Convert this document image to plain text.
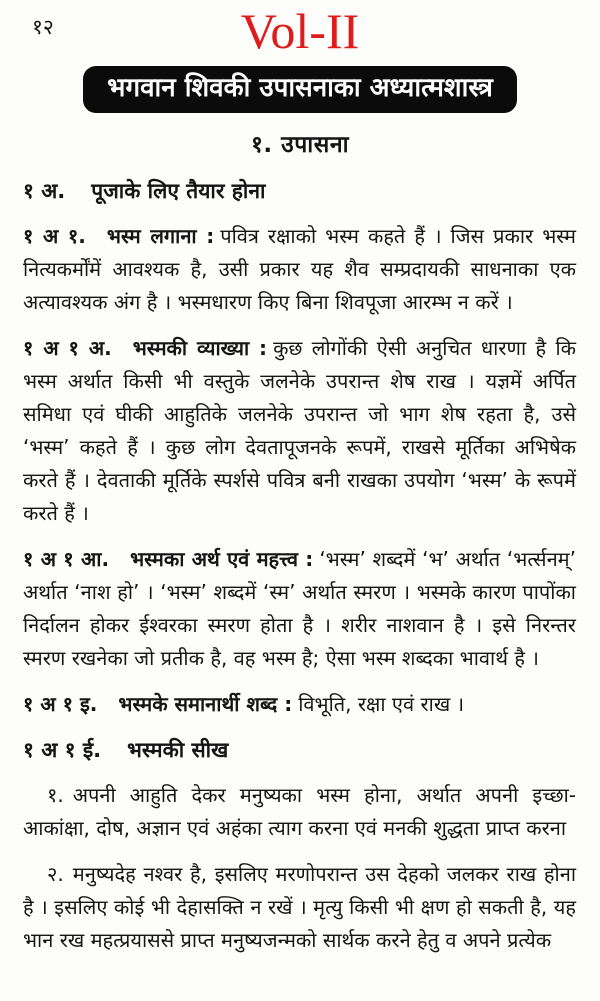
१२	Vol-II
भगवान शिवकी उपासनाका अध्यात्मशास्त्र
१. उपासना

१ अ. पूजाके लिए तैयार होना

१ अ १. भस्म लगाना : पवित्र रक्षाको भस्म कहते हैं । जिस प्रकार भस्म नित्यकर्मोंमें आवश्यक है, उसी प्रकार यह शैव सम्प्रदायकी साधनाका एक अत्यावश्यक अंग है । भस्मधारण किए बिना शिवपूजा आरम्भ न करें ।

१ अ १ अ. भस्मकी व्याख्या : कुछ लोगोंकी ऐसी अनुचित धारणा है कि भस्म अर्थात किसी भी वस्तुके जलनेके उपरान्त शेष राख । यज्ञमें अर्पित समिधा एवं घीकी आहुतिके जलनेके उपरान्त जो भाग शेष रहता है, उसे ‘भस्म’ कहते हैं । कुछ लोग देवतापूजनके रूपमें, राखसे मूर्तिका अभिषेक करते हैं । देवताकी मूर्तिके स्पर्शसे पवित्र बनी राखका उपयोग ‘भस्म’ के रूपमें करते हैं ।

१ अ १ आ. भस्मका अर्थ एवं महत्त्व : ‘भस्म’ शब्दमें ‘भ’ अर्थात ‘भर्त्सनम्’ अर्थात ‘नाश हो’ । ‘भस्म’ शब्दमें ‘स्म’ अर्थात स्मरण । भस्मके कारण पापोंका निर्दालन होकर ईश्वरका स्मरण होता है । शरीर नाशवान है । इसे निरन्तर स्मरण रखनेका जो प्रतीक है, वह भस्म है; ऐसा भस्म शब्दका भावार्थ है ।

१ अ १ इ. भस्मके समानार्थी शब्द : विभूति, रक्षा एवं राख ।

१ अ १ ई. भस्मकी सीख

१. अपनी आहुति देकर मनुष्यका भस्म होना, अर्थात अपनी इच्छा-आकांक्षा, दोष, अज्ञान एवं अहंका त्याग करना एवं मनकी शुद्धता प्राप्त करना

२. मनुष्यदेह नश्वर है, इसलिए मरणोपरान्त उस देहको जलकर राख होना है । इसलिए कोई भी देहासक्ति न रखें । मृत्यु किसी भी क्षण हो सकती है, यह भान रख महत्प्रयाससे प्राप्त मनुष्यजन्मको सार्थक करने हेतु व अपने प्रत्येक
